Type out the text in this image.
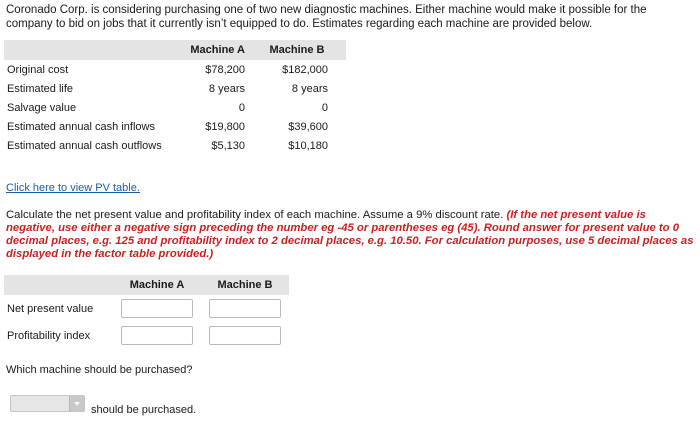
Coronado Corp. is considering purchasing one of two new diagnostic machines. Either machine would make it possible for the company to bid on jobs that it currently isn’t equipped to do. Estimates regarding each machine are provided below.
	Machine A	Machine B
Original cost	$78,200	$182,000
Estimated life	8 years	8 years
Salvage value	0	0
Estimated annual cash inflows	$19,800	$39,600
Estimated annual cash outflows	$5,130	$10,180
Click here to view PV table.
Calculate the net present value and profitability index of each machine. Assume a 9% discount rate. (If the net present value is negative, use either a negative sign preceding the number eg -45 or parentheses eg (45). Round answer for present value to 0 decimal places, e.g. 125 and profitability index to 2 decimal places, e.g. 10.50. For calculation purposes, use 5 decimal places as displayed in the factor table provided.)
	Machine A	Machine B
Net present value		
Profitability index		
Which machine should be purchased?
should be purchased.
